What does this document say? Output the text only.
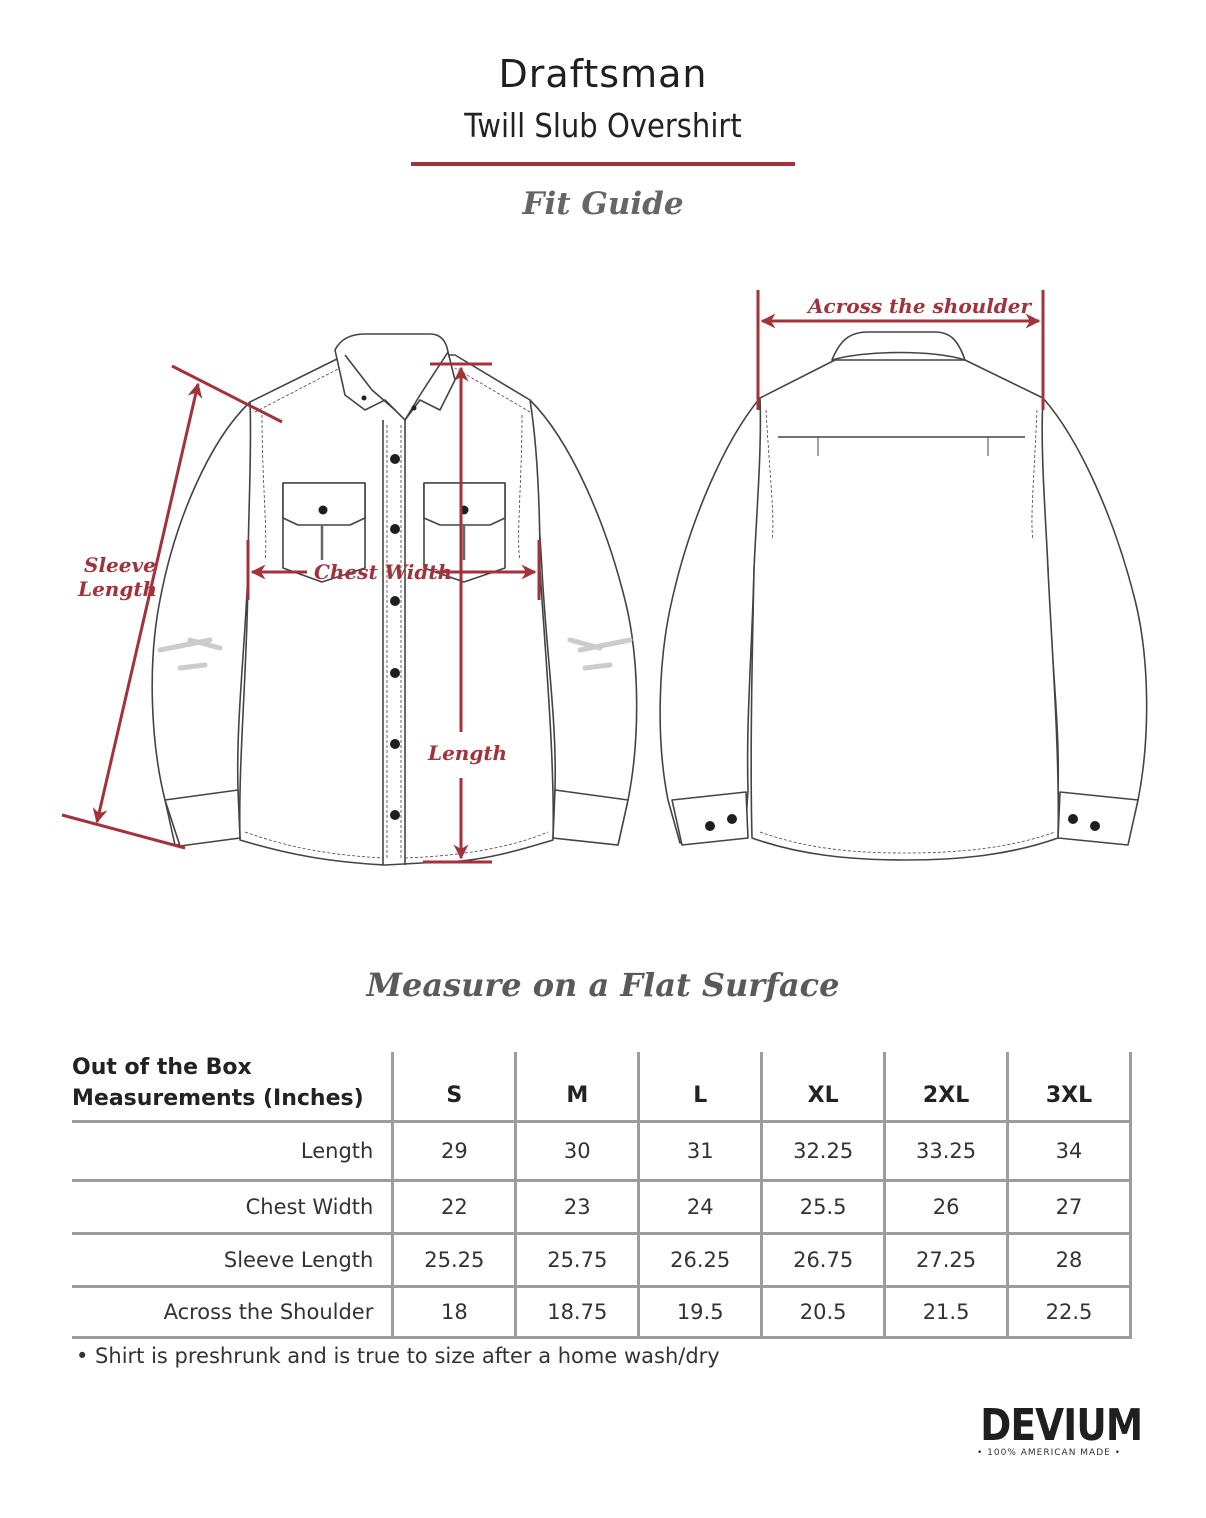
Draftsman
Twill Slub Overshirt
Fit Guide
Sleeve
Length
Chest Width
Length
Across the shoulder
Measure on a Flat Surface
Out of the Box
Measurements (Inches)	S	M	L	XL	2XL	3XL
Length	29	30	31	32.25	33.25	34
Chest Width	22	23	24	25.5	26	27
Sleeve Length	25.25	25.75	26.25	26.75	27.25	28
Across the Shoulder	18	18.75	19.5	20.5	21.5	22.5
• Shirt is preshrunk and is true to size after a home wash/dry
DEVIUM
• 100% AMERICAN MADE •
